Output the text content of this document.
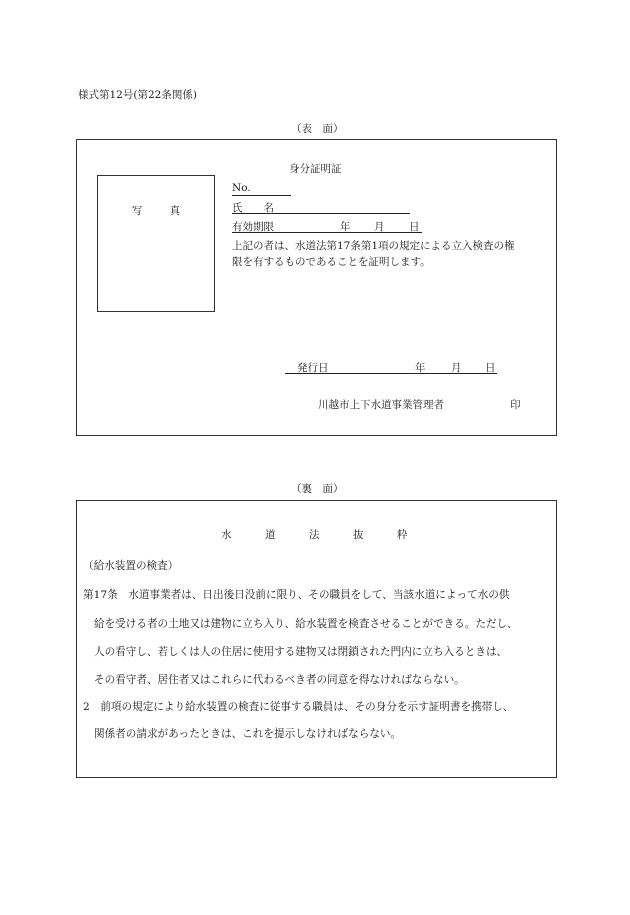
様式第12号(第22条関係)
（表　面）
身分証明証
写 真
No.
氏　　名
有効期限	年 月 日
上記の者は、水道法第17条第1項の規定による立入検査の権
限を有するものであることを証明します。
発行日	年 月 日
川越市上下水道事業管理者	印
（裏　面）
水	道	法	抜	粋
（給水装置の検査）
第17条　水道事業者は、日出後日没前に限り、その職員をして、当該水道によって水の供
給を受ける者の土地又は建物に立ち入り、給水装置を検査させることができる。ただし、
人の看守し、若しくは人の住居に使用する建物又は閉鎖された門内に立ち入るときは、
その看守者、居住者又はこれらに代わるべき者の同意を得なければならない。
2　前項の規定により給水装置の検査に従事する職員は、その身分を示す証明書を携帯し、
関係者の請求があったときは、これを提示しなければならない。
